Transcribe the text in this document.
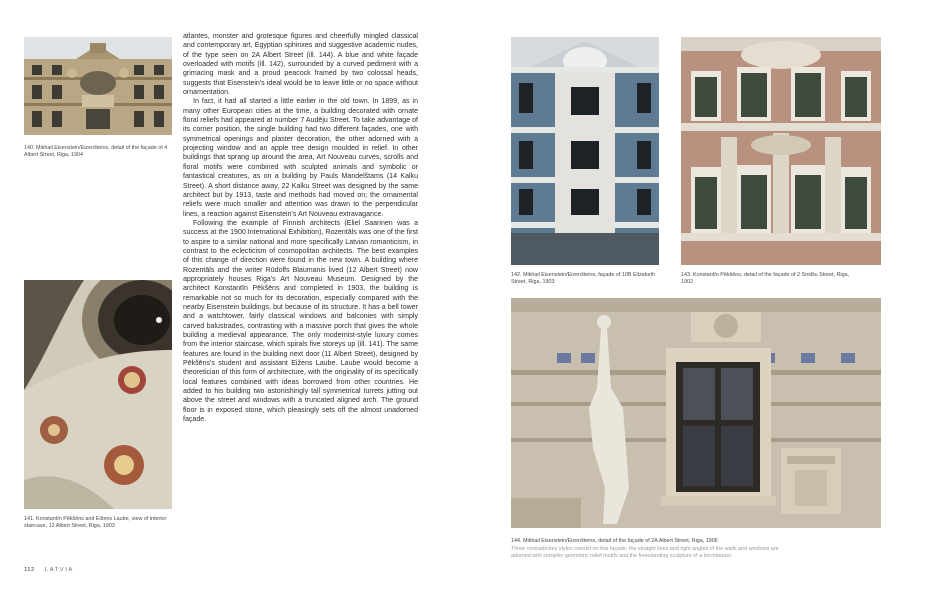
140. Mikhail Eisenstein/Eizenšteins, detail of the façade of 4 Albert Street, Riga, 1904
141. Konstantīn Pēkšēns and Eižens Laube, view of interior staircase, 12 Albert Street, Riga, 1903

atlantes, monster and grotesque figures and cheerfully mingled classical and contemporary art, Egyptian sphinxes and suggestive academic nudes, of the type seen on 2A Albert Street (ill. 144). A blue and white façade overloaded with motifs (ill. 142), surrounded by a curved pediment with a grimacing mask and a proud peacock framed by two colossal heads, suggests that Eisenstein's ideal would be to leave little or no space without ornamentation.

In fact, it had all started a little earlier in the old town. In 1899, as in many other European cities at the time, a building decorated with ornate floral reliefs had appeared at number 7 Audēju Street. To take advantage of its corner position, the single building had two different façades, one with symmetrical openings and plaster decoration, the other adorned with a projecting window and an apple tree design moulded in relief. In other buildings that sprang up around the area, Art Nouveau curves, scrolls and floral motifs were combined with sculpted animals and symbolic or fantastical creatures, as on a building by Pauls Mandelštams (14 Kalku Street). A short distance away, 22 Kalku Street was designed by the same architect but by 1913, taste and methods had moved on; the ornamental reliefs were much smaller and attention was drawn to the perpendicular lines, a reaction against Eisenstein's Art Nouveau extravagance.

Following the example of Finnish architects (Eliel Saarinen was a success at the 1900 International Exhibition), Rozentāls was one of the first to aspire to a similar national and more specifically Latvian romanticism, in contrast to the eclecticism of cosmopolitan architects. The best examples of this change of direction were found in the new town. A building where Rozentāls and the writer Rūdolfs Blaumanis lived (12 Albert Street) now appropriately houses Riga's Art Nouveau Museum. Designed by the architect Konstantīn Pēkšēns and completed in 1903, the building is remarkable not so much for its decoration, especially compared with the nearby Eisenstein buildings, but because of its structure. It has a bell tower and a watchtower, fairly classical windows and balconies with simply carved balustrades, contrasting with a massive porch that gives the whole building a medieval appearance. The only modernist-style luxury comes from the interior staircase, which spirals five storeys up (ill. 141). The same features are found in the building next door (11 Albert Street), designed by Pēkšēns's student and assistant Eižens Laube. Laube would become a theoretician of this form of architecture, with the originality of its specifically local features combined with ideas borrowed from other countries. He added to his building two astonishingly tall symmetrical turrets jutting out above the street and windows with a truncated aligned arch. The ground floor is in exposed stone, which pleasingly sets off the almost unadorned façade.

142. Mikhail Eisenstein/Eizenšteins, façade of 10B Elizabeth Street, Riga, 1903
143. Konstantīn Pēkšēns, detail of the façade of 2 Smilšu Street, Riga, 1902
144. Mikhail Eisenstein/Eizenšteins, detail of the façade of 2A Albert Street, Riga, 1906
Three contradictory styles coexist on this façade: the straight lines and right angles of the walls and windows are adorned with complex geometric relief motifs and the freestanding sculpture of a torchbearer.
112 LATVIA
